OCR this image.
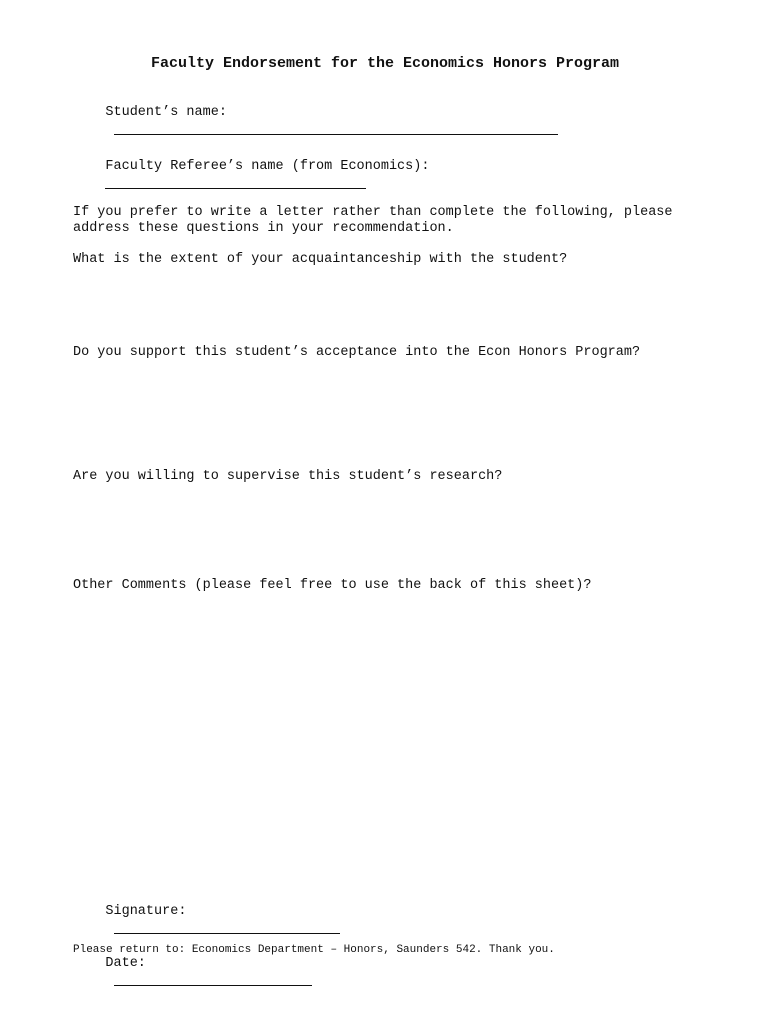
Faculty Endorsement for the Economics Honors Program

Student’s name:

Faculty Referee’s name (from Economics):

If you prefer to write a letter rather than complete the following, please address these questions in your recommendation.
What is the extent of your acquaintanceship with the student?
Do you support this student’s acceptance into the Econ Honors Program?
Are you willing to supervise this student’s research?
Other Comments (please feel free to use the back of this sheet)?

Signature:

Date:

Please return to: Economics Department – Honors, Saunders 542. Thank you.
